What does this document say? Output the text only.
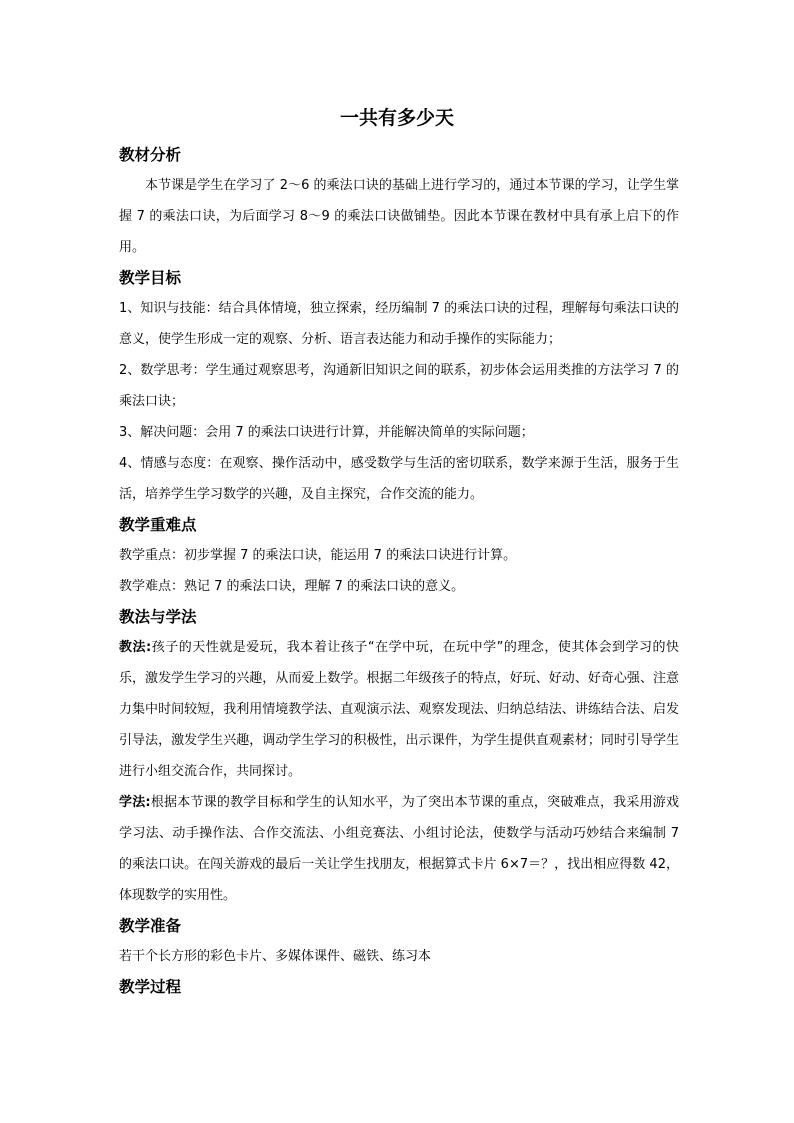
一共有多少天
教材分析

本节课是学生在学习了 2～6 的乘法口诀的基础上进行学习的，通过本节课的学习，让学生掌握 7 的乘法口诀，为后面学习 8～9 的乘法口诀做铺垫。因此本节课在教材中具有承上启下的作用。

教学目标

1、知识与技能：结合具体情境，独立探索，经历编制 7 的乘法口诀的过程，理解每句乘法口诀的意义，使学生形成一定的观察、分析、语言表达能力和动手操作的实际能力；

2、数学思考：学生通过观察思考，沟通新旧知识之间的联系，初步体会运用类推的方法学习 7 的乘法口诀；

3、解决问题：会用 7 的乘法口诀进行计算，并能解决简单的实际问题；

4、情感与态度：在观察、操作活动中，感受数学与生活的密切联系，数学来源于生活，服务于生活，培养学生学习数学的兴趣，及自主探究，合作交流的能力。

教学重难点

教学重点：初步掌握 7 的乘法口诀，能运用 7 的乘法口诀进行计算。

教学难点：熟记 7 的乘法口诀，理解 7 的乘法口诀的意义。

教法与学法

教法:孩子的天性就是爱玩，我本着让孩子“在学中玩，在玩中学”的理念，使其体会到学习的快乐，激发学生学习的兴趣，从而爱上数学。根据二年级孩子的特点，好玩、好动、好奇心强、注意力集中时间较短，我利用情境教学法、直观演示法、观察发现法、归纳总结法、讲练结合法、启发引导法，激发学生兴趣，调动学生学习的积极性，出示课件，为学生提供直观素材；同时引导学生进行小组交流合作，共同探讨。

学法:根据本节课的教学目标和学生的认知水平，为了突出本节课的重点，突破难点，我采用游戏学习法、动手操作法、合作交流法、小组竞赛法、小组讨论法，使数学与活动巧妙结合来编制 7 的乘法口诀。在闯关游戏的最后一关让学生找朋友，根据算式卡片 6×7＝？，找出相应得数 42，体现数学的实用性。

教学准备

若干个长方形的彩色卡片、多媒体课件、磁铁、练习本

教学过程
